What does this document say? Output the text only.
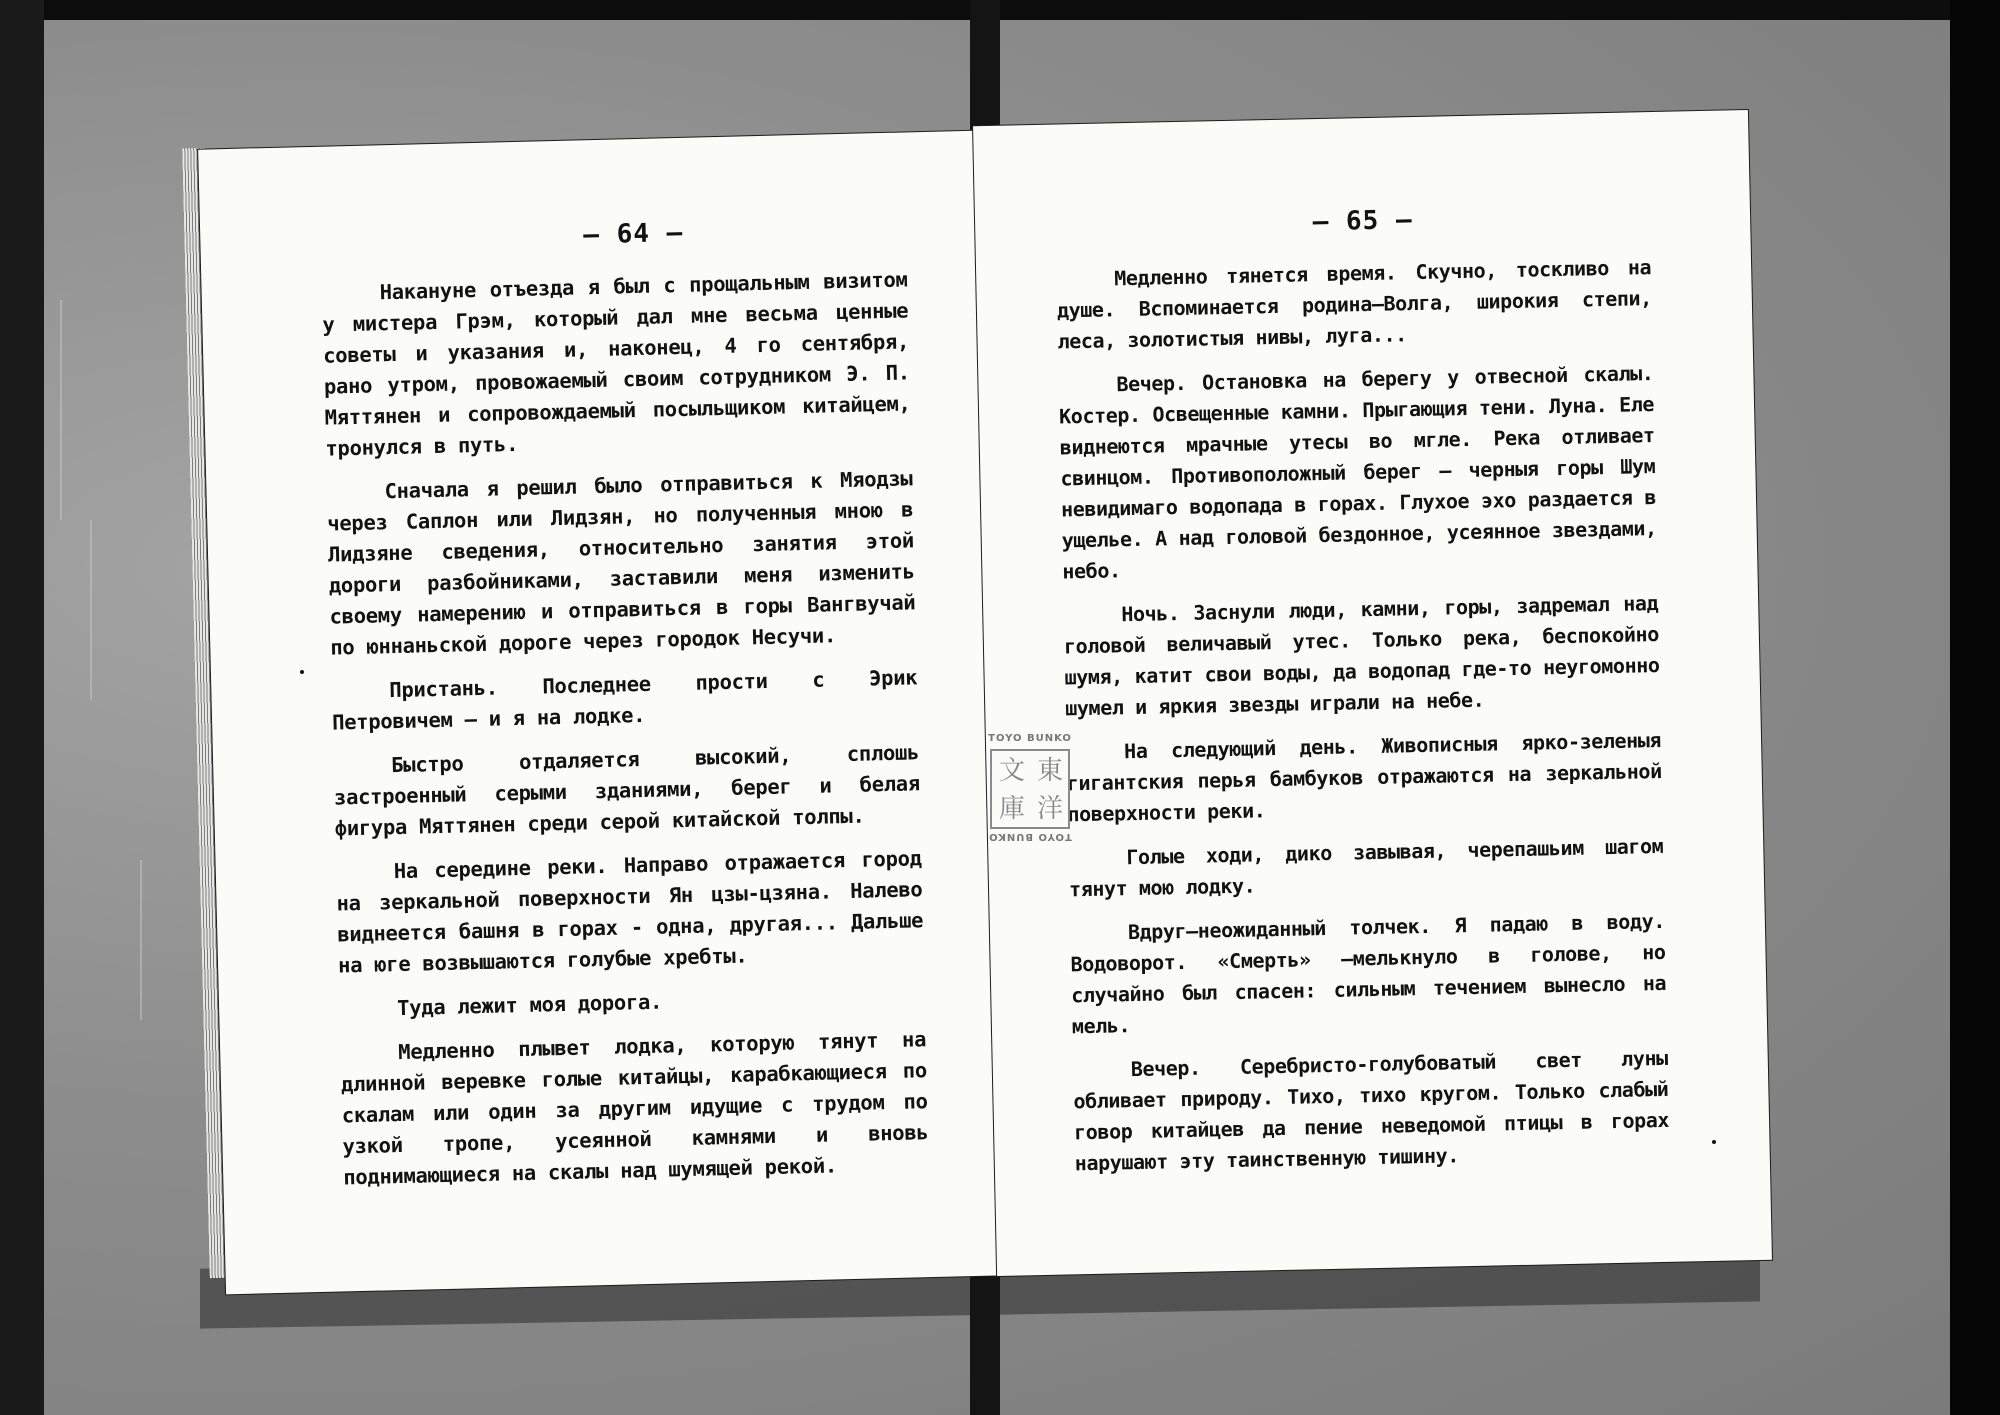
— 64 —

Накануне отъезда я был с прощальным визитом у мистера Грэм, который дал мне весьма ценные советы и указания и, наконец, 4 го сентября, рано утром, провожаемый своим сотрудником Э. П. Мяттянен и сопровождаемый посыльщиком китайцем, тронулся в путь.

Сначала я решил было отправиться к Мяодзы через Саплон или Лидзян, но полученныя мною в Лидзяне сведения, относительно занятия этой дороги разбойниками, заставили меня изменить своему намерению и отправиться в горы Вангвучай по юннаньской дороге через городок Несучи.

Пристань. Последнее прости с Эрик Петровичем — и я на лодке.

Быстро отдаляется высокий, сплошь застроенный серыми зданиями, берег и белая фигура Мяттянен среди серой китайской толпы.

На середине реки. Направо отражается город на зеркальной поверхности Ян цзы-цзяна. Налево виднеется башня в горах - одна, другая... Дальше на юге возвышаются голубые хребты.

Туда лежит моя дорога.

Медленно плывет лодка, которую тянут на длинной веревке голые китайцы, карабкающиеся по скалам или один за другим идущие с трудом по узкой тропе, усеянной камнями и вновь поднимающиеся на скалы над шумящей рекой.

— 65 —

Медленно тянется время. Скучно, тоскливо на душе. Вспоминается родина—Волга, широкия степи, леса, золотистыя нивы, луга...

Вечер. Остановка на берегу у отвесной скалы. Костер. Освещенные камни. Прыгающия тени. Луна. Еле виднеются мрачные утесы во мгле. Река отливает свинцом. Противоположный берег — черныя горы Шум невидимаго водопада в горах. Глухое эхо раздается в ущелье. А над головой бездонное, усеянное звездами, небо.

Ночь. Заснули люди, камни, горы, задремал над головой величавый утес. Только река, беспокойно шумя, катит свои воды, да водопад где-то неугомонно шумел и яркия звезды играли на небе.

На следующий день. Живописныя ярко-зеленыя гигантския перья бамбуков отражаются на зеркальной поверхности реки.

Голые ходи, дико завывая, черепашьим шагом тянут мою лодку.

Вдруг—неожиданный толчек. Я падаю в воду. Водоворот. «Смерть» —мелькнуло в голове, но случайно был спасен: сильным течением вынесло на мель.

Вечер. Серебристо-голубоватый свет луны обливает природу. Тихо, тихо кругом. Только слабый говор китайцев да пение неведомой птицы в горах нарушают эту таинственную тишину.

TOYO BUNKO
東
洋
文
庫
TOYO BUNKO
